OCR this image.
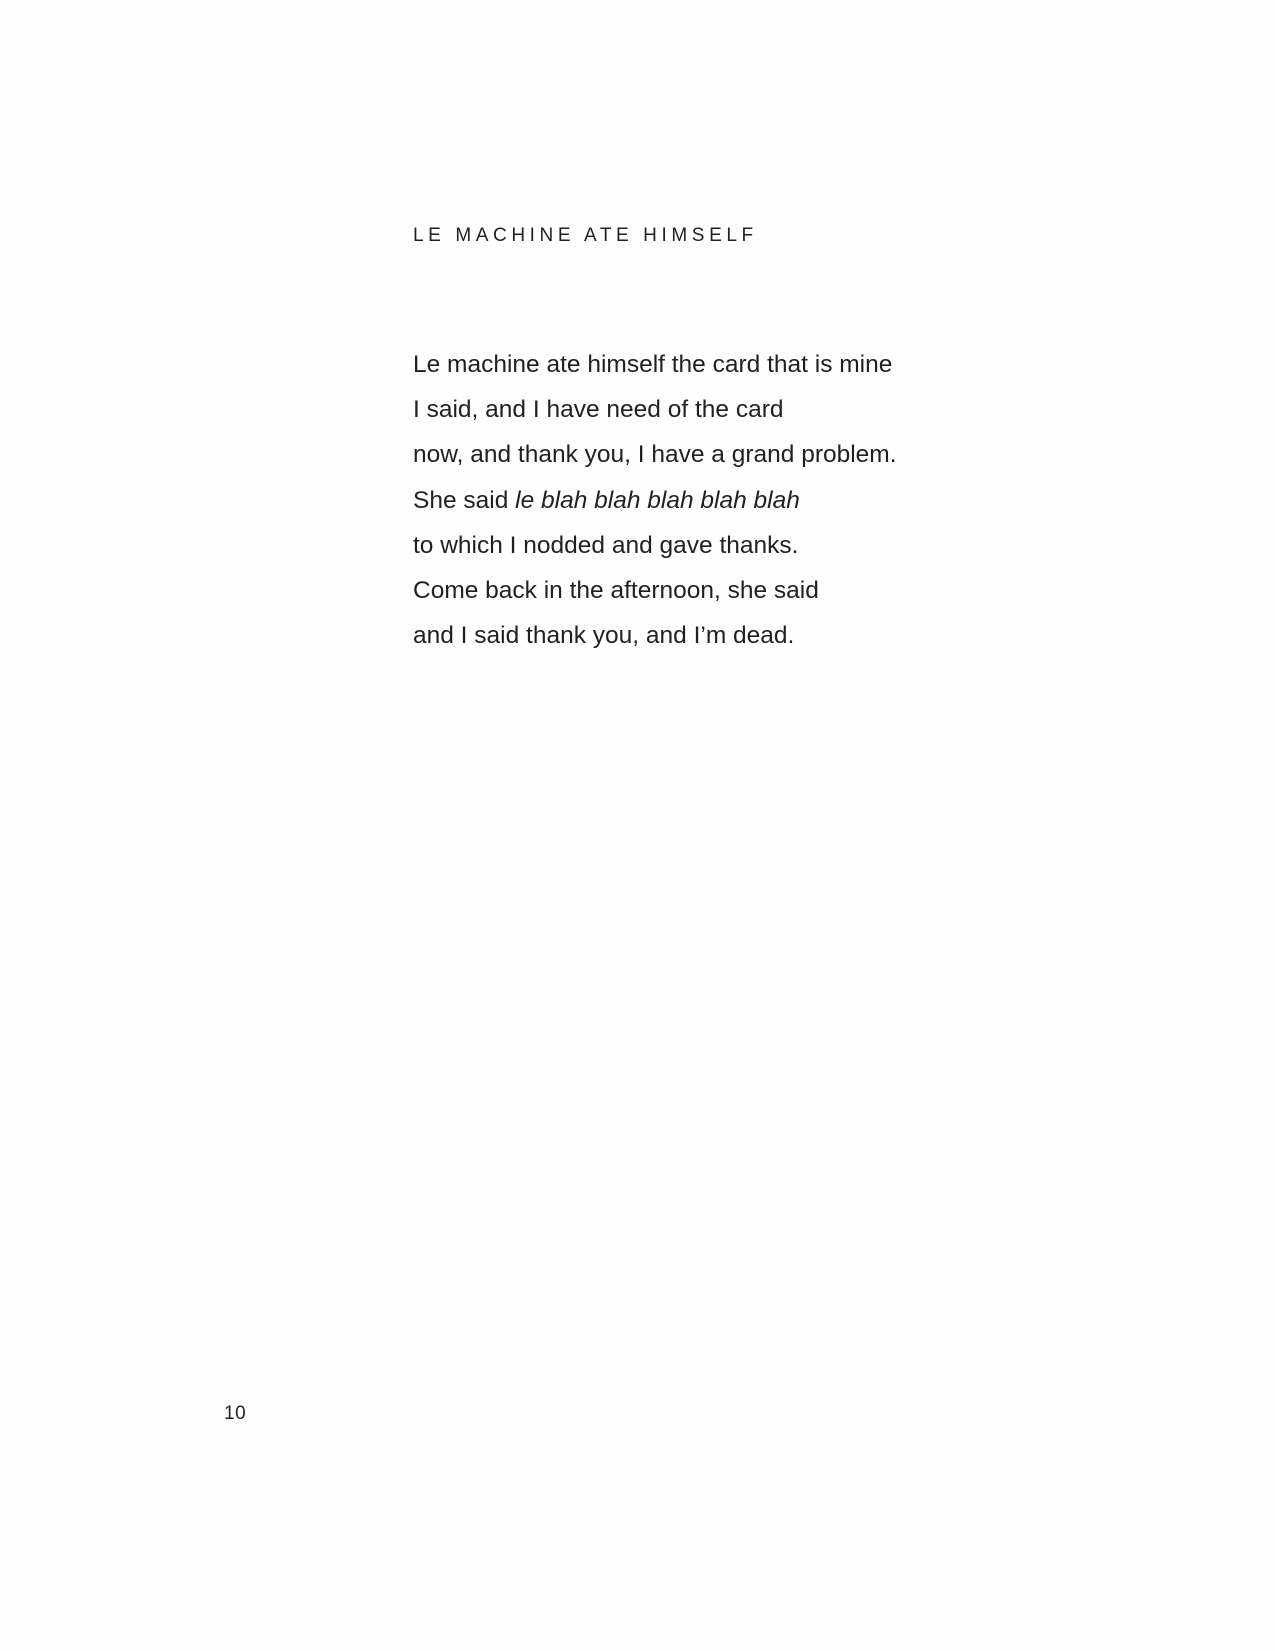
LE MACHINE ATE HIMSELF
Le machine ate himself the card that is mine
I said, and I have need of the card
now, and thank you, I have a grand problem.
She said le blah blah blah blah blah
to which I nodded and gave thanks.
Come back in the afternoon, she said
and I said thank you, and I’m dead.
10
